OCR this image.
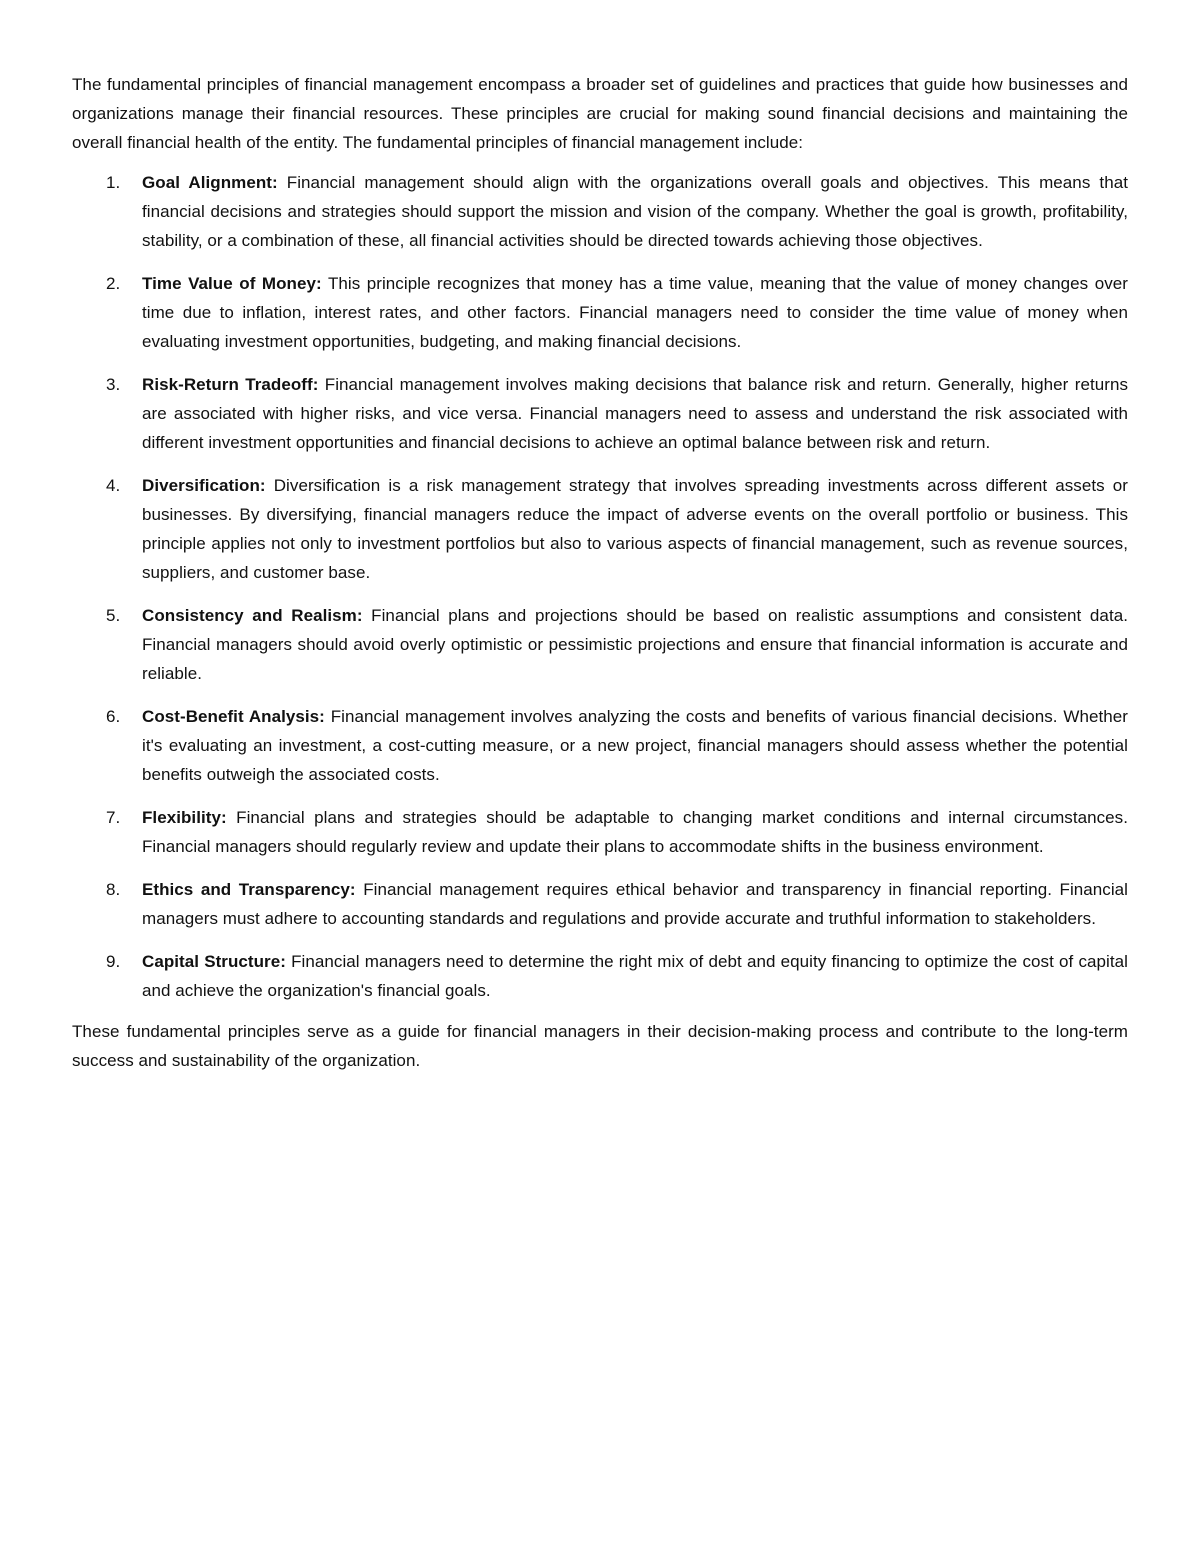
The fundamental principles of financial management encompass a broader set of guidelines and practices that guide how businesses and organizations manage their financial resources. These principles are crucial for making sound financial decisions and maintaining the overall financial health of the entity. The fundamental principles of financial management include:

1. Goal Alignment: Financial management should align with the organizations overall goals and objectives. This means that financial decisions and strategies should support the mission and vision of the company. Whether the goal is growth, profitability, stability, or a combination of these, all financial activities should be directed towards achieving those objectives.
2. Time Value of Money: This principle recognizes that money has a time value, meaning that the value of money changes over time due to inflation, interest rates, and other factors. Financial managers need to consider the time value of money when evaluating investment opportunities, budgeting, and making financial decisions.
3. Risk-Return Tradeoff: Financial management involves making decisions that balance risk and return. Generally, higher returns are associated with higher risks, and vice versa. Financial managers need to assess and understand the risk associated with different investment opportunities and financial decisions to achieve an optimal balance between risk and return.
4. Diversification: Diversification is a risk management strategy that involves spreading investments across different assets or businesses. By diversifying, financial managers reduce the impact of adverse events on the overall portfolio or business. This principle applies not only to investment portfolios but also to various aspects of financial management, such as revenue sources, suppliers, and customer base.
5. Consistency and Realism: Financial plans and projections should be based on realistic assumptions and consistent data. Financial managers should avoid overly optimistic or pessimistic projections and ensure that financial information is accurate and reliable.
6. Cost-Benefit Analysis: Financial management involves analyzing the costs and benefits of various financial decisions. Whether it's evaluating an investment, a cost-cutting measure, or a new project, financial managers should assess whether the potential benefits outweigh the associated costs.
7. Flexibility: Financial plans and strategies should be adaptable to changing market conditions and internal circumstances. Financial managers should regularly review and update their plans to accommodate shifts in the business environment.
8. Ethics and Transparency: Financial management requires ethical behavior and transparency in financial reporting. Financial managers must adhere to accounting standards and regulations and provide accurate and truthful information to stakeholders.
9. Capital Structure: Financial managers need to determine the right mix of debt and equity financing to optimize the cost of capital and achieve the organization's financial goals.

These fundamental principles serve as a guide for financial managers in their decision-making process and contribute to the long-term success and sustainability of the organization.
